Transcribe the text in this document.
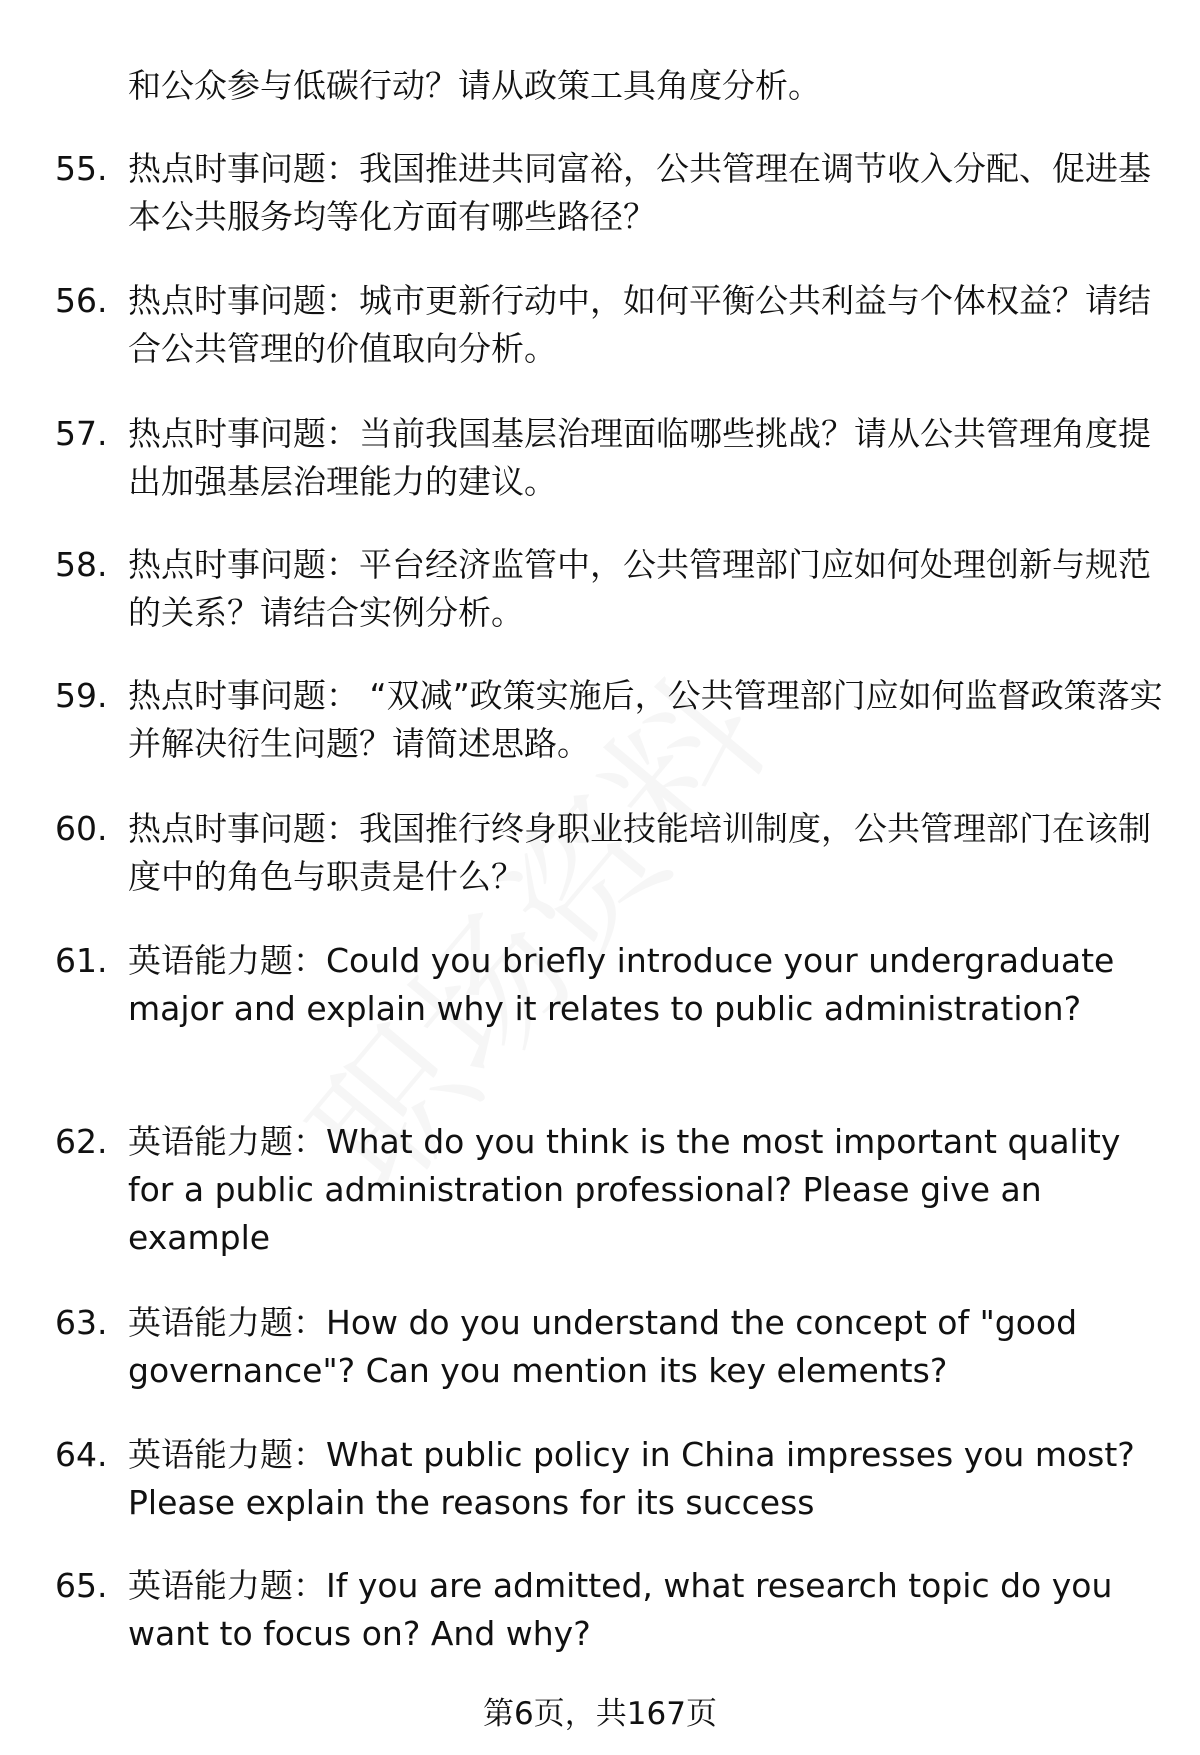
和公众参与低碳行动？请从政策工具角度分析。
55. 热点时事问题：我国推进共同富裕，公共管理在调节收入分配、促进基本公共服务均等化方面有哪些路径？
56. 热点时事问题：城市更新行动中，如何平衡公共利益与个体权益？请结合公共管理的价值取向分析。
57. 热点时事问题：当前我国基层治理面临哪些挑战？请从公共管理角度提出加强基层治理能力的建议。
58. 热点时事问题：平台经济监管中，公共管理部门应如何处理创新与规范的关系？请结合实例分析。
59. 热点时事问题： “双减”政策实施后，公共管理部门应如何监督政策落实并解决衍生问题？请简述思路。
60. 热点时事问题：我国推行终身职业技能培训制度，公共管理部门在该制度中的角色与职责是什么？
61. 英语能力题：Could you briefly introduce your undergraduate major and explain why it relates to public administration?
62. 英语能力题：What do you think is the most important quality for a public administration professional? Please give an example
63. 英语能力题：How do you understand the concept of "good governance"? Can you mention its key elements?
64. 英语能力题：What public policy in China impresses you most? Please explain the reasons for its success
65. 英语能力题：If you are admitted, what research topic do you want to focus on? And why?
第6页，共167页
